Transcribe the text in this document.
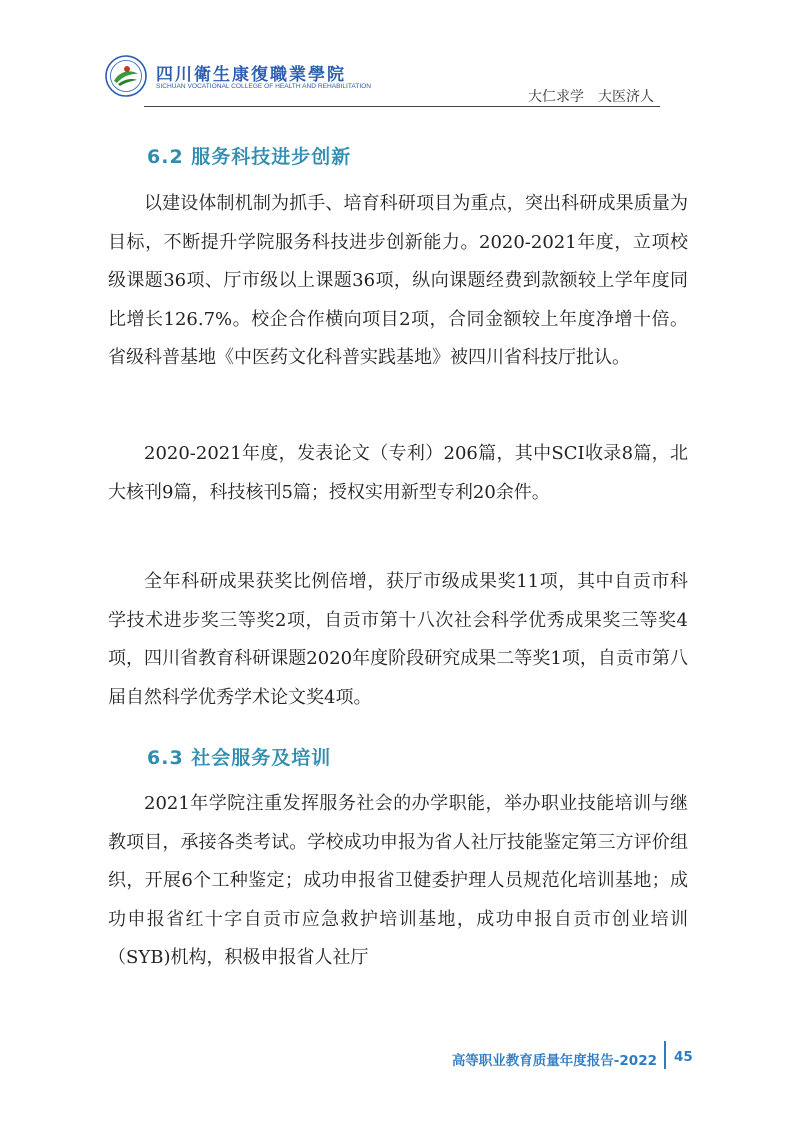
四川衛生康復職業學院
SICHUAN VOCATIONAL COLLEGE OF HEALTH AND REHABILITATION
大仁求学　大医济人
6.2 服务科技进步创新
以建设体制机制为抓手、培育科研项目为重点，突出科研成果质量为目标，不断提升学院服务科技进步创新能力。2020-2021年度，立项校级课题36项、厅市级以上课题36项，纵向课题经费到款额较上学年度同比增长126.7%。校企合作横向项目2项，合同金额较上年度净增十倍。省级科普基地《中医药文化科普实践基地》被四川省科技厅批认。
2020-2021年度，发表论文（专利）206篇，其中SCI收录8篇，北大核刊9篇，科技核刊5篇；授权实用新型专利20余件。
全年科研成果获奖比例倍增，获厅市级成果奖11项，其中自贡市科学技术进步奖三等奖2项，自贡市第十八次社会科学优秀成果奖三等奖4项，四川省教育科研课题2020年度阶段研究成果二等奖1项，自贡市第八届自然科学优秀学术论文奖4项。
6.3 社会服务及培训
2021年学院注重发挥服务社会的办学职能，举办职业技能培训与继教项目，承接各类考试。学校成功申报为省人社厅技能鉴定第三方评价组织，开展6个工种鉴定；成功申报省卫健委护理人员规范化培训基地；成功申报省红十字自贡市应急救护培训基地，成功申报自贡市创业培训（SYB)机构，积极申报省人社厅
高等职业教育质量年度报告-2022 45
